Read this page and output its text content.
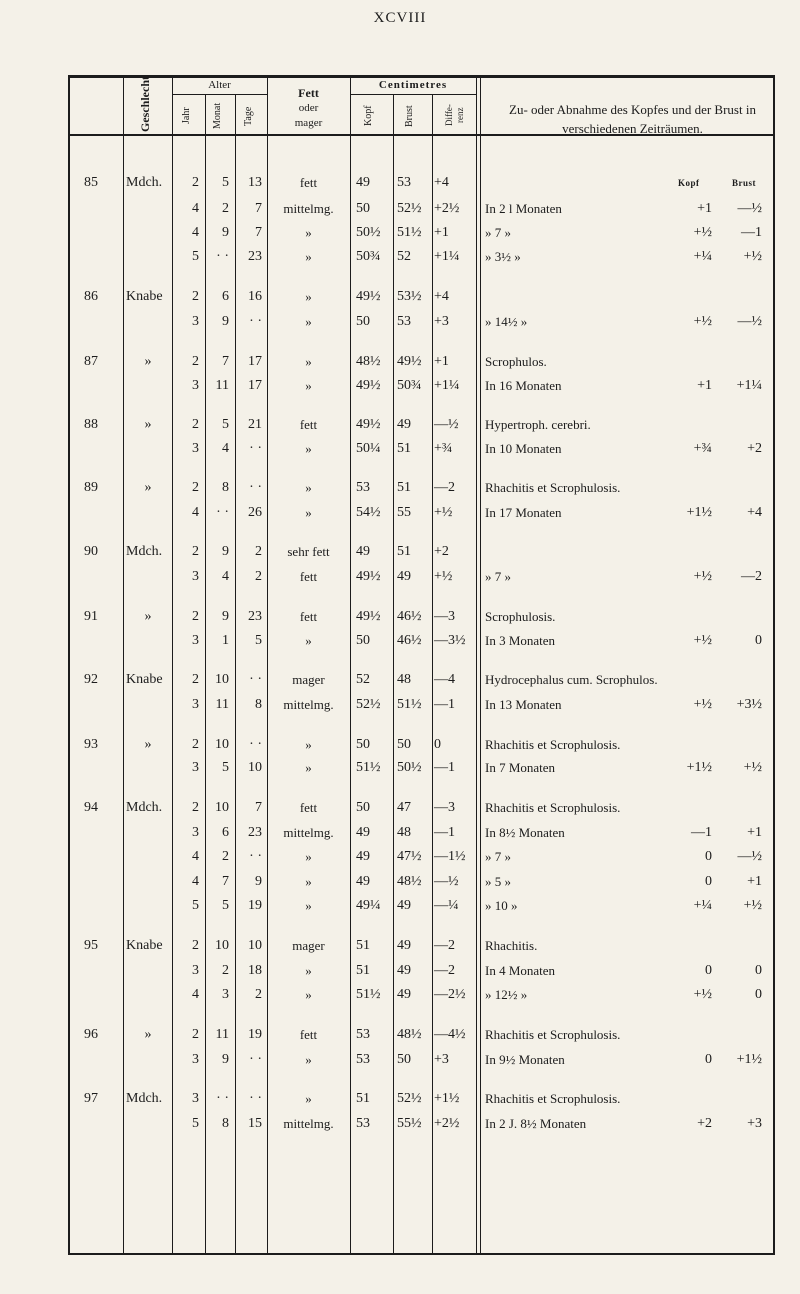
XCVIII
Geschlecht	Alter
Jahr	Monat	Tage
Fett
oder
mager
Centimetres
Kopf	Brust	Diffe-renz	Zu- oder Abnahme des Kopfes und der Brust in verschiedenen Zeiträumen.
Kopf	Brust
85 Mdch.	2	5	13	fett	49	53	+4
4	2	7	mittelmg.	50	52½ +2½	In 2 l Monaten	+1	—½
4	9	7	»	50½	51½ +1	» 7 »	+½	—1
5	· ·	23	»	50¾	52	+1¼	» 3½ »	+¼	+½
86 Knabe	2	6	16	»	49½	53½ +4
3	9	· ·	»	50	53	+3	» 14½ »	+½	—½
87	»	2	7	17	»	48½	49½ +1	Scrophulos.
3	11	17	»	49½	50¾ +1¼	In 16 Monaten	+1	+1¼
88	»	2	5	21	fett	49½	49	—½	Hypertroph. cerebri.
3	4	· ·	»	50¼	51	+¾	In 10 Monaten	+¾	+2
89	»	2	8	· ·	»	53	51	—2	Rhachitis et Scrophulosis.
4	· ·	26	»	54½	55	+½	In 17 Monaten	+1½	+4
90 Mdch.	2	9	2	sehr fett	49	51	+2
3	4	2	fett	49½	49	+½	» 7 »	+½	—2
91	»	2	9	23	fett	49½	46½ —3	Scrophulosis.
3	1	5	»	50	46½ —3½	In 3 Monaten	+½	0
92 Knabe	2	10	· ·	mager	52	48	—4	Hydrocephalus cum. Scrophulos.
3	11	8	mittelmg.	52½	51½ —1	In 13 Monaten	+½	+3½
93	»	2	10	· ·	»	50	50	0	Rhachitis et Scrophulosis.
3	5	10	»	51½	50½ —1	In 7 Monaten	+1½	+½
94 Mdch.	2	10	7	fett	50	47	—3	Rhachitis et Scrophulosis.
3	6	23	mittelmg.	49	48	—1	In 8½ Monaten	—1	+1
4	2	· ·	»	49	47½ —1½	» 7 »	0	—½
4	7	9	»	49	48½ —½	» 5 »	0	+1
5	5	19	»	49¼	49	—¼	» 10 »	+¼	+½
95 Knabe	2	10	10	mager	51	49	—2	Rhachitis.
3	2	18	»	51	49	—2	In 4 Monaten	0	0
4	3	2	»	51½	49	—2½	» 12½ »	+½	0
96	»	2	11	19	fett	53	48½ —4½	Rhachitis et Scrophulosis.
3	9	· ·	»	53	50	+3	In 9½ Monaten	0	+1½
97 Mdch.	3	· ·	· ·	»	51	52½ +1½	Rhachitis et Scrophulosis.
5	8	15	mittelmg.	53	55½ +2½	In 2 J. 8½ Monaten	+2	+3
